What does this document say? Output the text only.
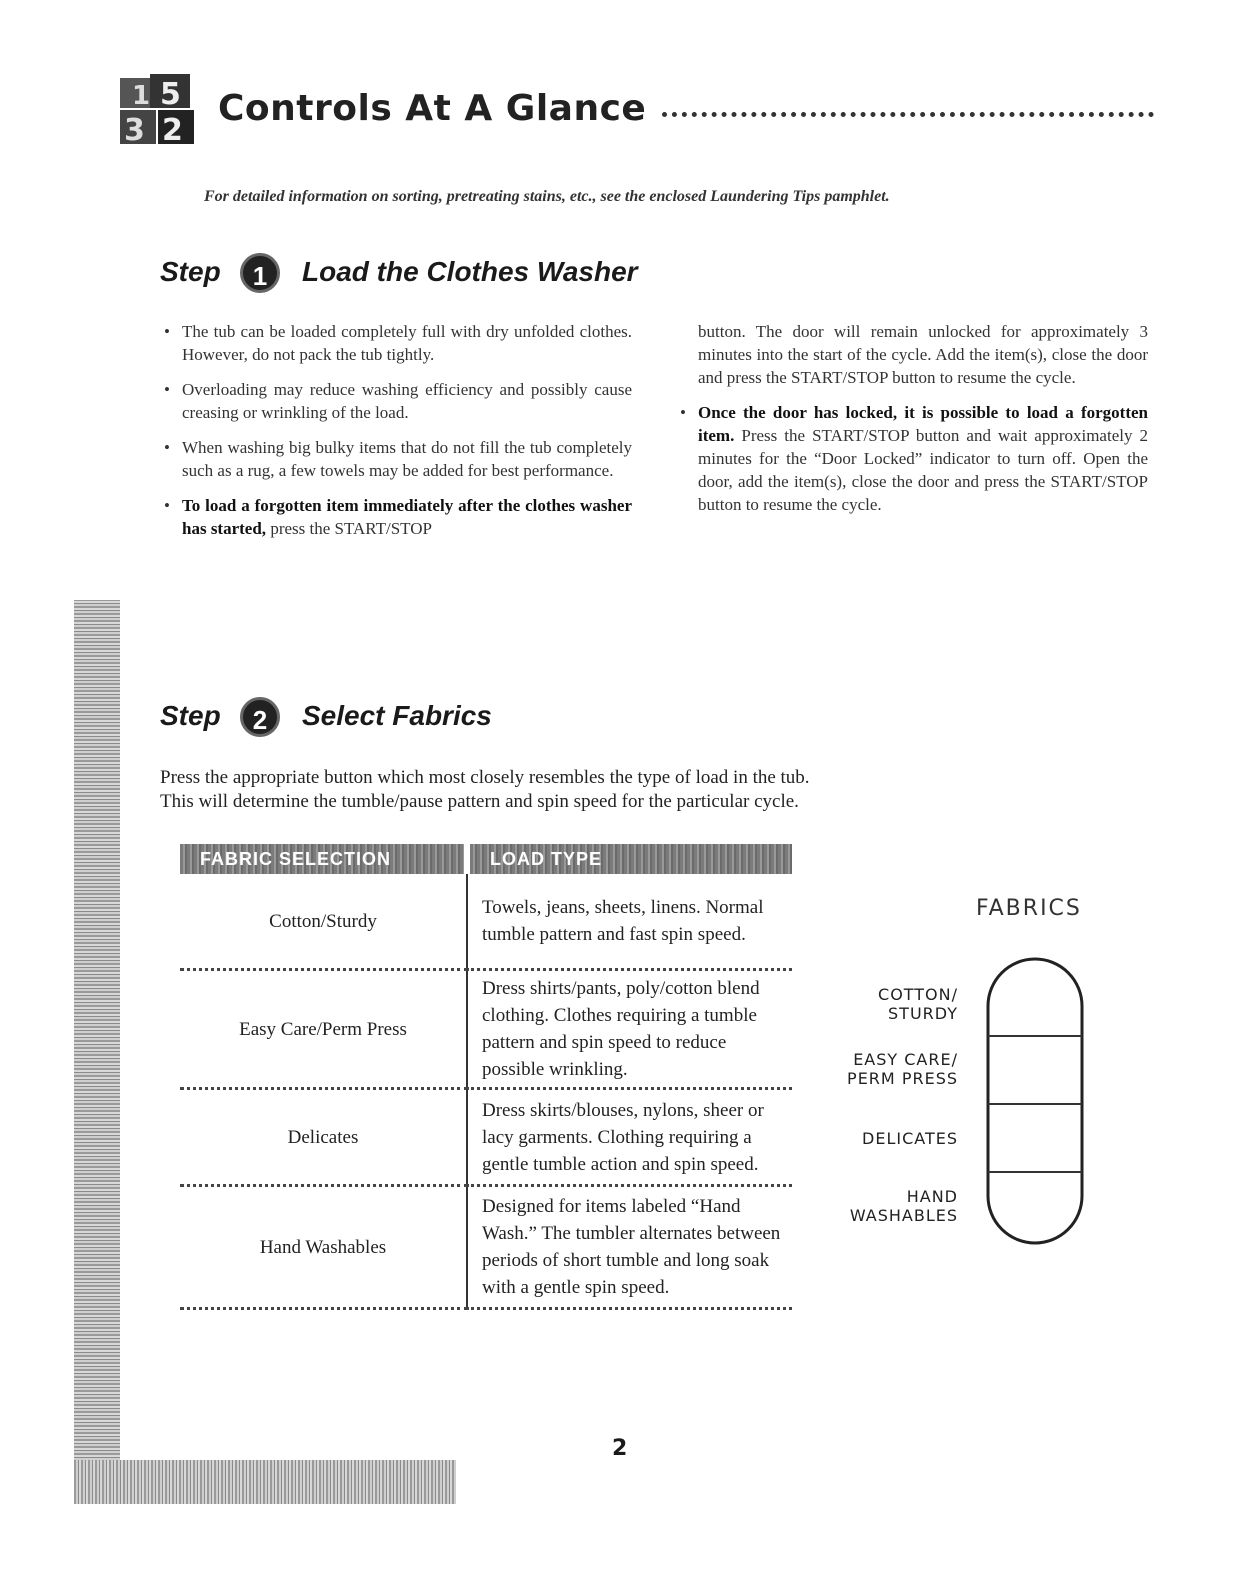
1 5
3 2
Controls At A Glance
For detailed information on sorting, pretreating stains, etc., see the enclosed Laundering Tips pamphlet.
Step	1	Load the Clothes Washer
• The tub can be loaded completely full with dry unfolded clothes. However, do not pack the tub tightly.
• Overloading may reduce washing efficiency and possibly cause creasing or wrinkling of the load.
• When washing big bulky items that do not fill the tub completely such as a rug, a few towels may be added for best performance.
• To load a forgotten item immediately after the clothes washer has started, press the START/STOP

button. The door will remain unlocked for approximately 3 minutes into the start of the cycle. Add the item(s), close the door and press the START/STOP button to resume the cycle.

• Once the door has locked, it is possible to load a forgotten item. Press the START/STOP button and wait approximately 2 minutes for the “Door Locked” indicator to turn off. Open the door, add the item(s), close the door and press the START/STOP button to resume the cycle.
Step	2	Select Fabrics
Press the appropriate button which most closely resembles the type of load in the tub.
This will determine the tumble/pause pattern and spin speed for the particular cycle.
FABRIC SELECTION	LOAD TYPE
Cotton/Sturdy	Towels, jeans, sheets, linens. Normal tumble pattern and fast spin speed.
Easy Care/Perm Press	Dress shirts/pants, poly/cotton blend clothing. Clothes requiring a tumble pattern and spin speed to reduce possible wrinkling.
Delicates	Dress skirts/blouses, nylons, sheer or lacy garments. Clothing requiring a gentle tumble action and spin speed.
Hand Washables	Designed for items labeled “Hand Wash.” The tumbler alternates between periods of short tumble and long soak with a gentle spin speed.
FABRICS
COTTON/
STURDY
EASY CARE/
PERM PRESS
DELICATES
HAND
WASHABLES
2
